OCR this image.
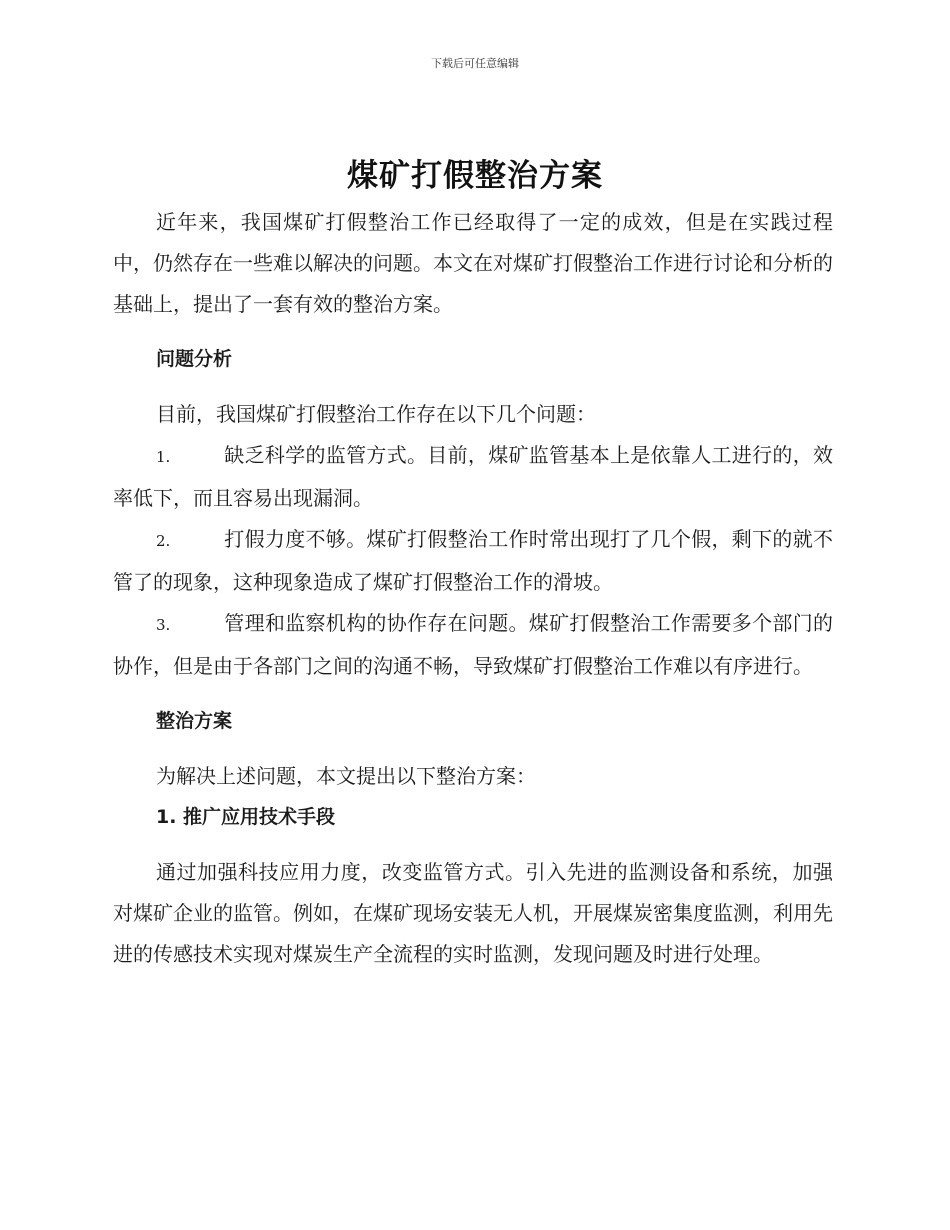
下载后可任意编辑
煤矿打假整治方案

近年来，我国煤矿打假整治工作已经取得了一定的成效，但是在实践过程中，仍然存在一些难以解决的问题。本文在对煤矿打假整治工作进行讨论和分析的基础上，提出了一套有效的整治方案。

问题分析

目前，我国煤矿打假整治工作存在以下几个问题：

1.	缺乏科学的监管方式。目前，煤矿监管基本上是依靠人工进行的，效率低下，而且容易出现漏洞。

2.	打假力度不够。煤矿打假整治工作时常出现打了几个假，剩下的就不管了的现象，这种现象造成了煤矿打假整治工作的滑坡。

3.	管理和监察机构的协作存在问题。煤矿打假整治工作需要多个部门的协作，但是由于各部门之间的沟通不畅，导致煤矿打假整治工作难以有序进行。

整治方案

为解决上述问题，本文提出以下整治方案：

1. 推广应用技术手段

通过加强科技应用力度，改变监管方式。引入先进的监测设备和系统，加强对煤矿企业的监管。例如，在煤矿现场安装无人机，开展煤炭密集度监测，利用先进的传感技术实现对煤炭生产全流程的实时监测，发现问题及时进行处理。
